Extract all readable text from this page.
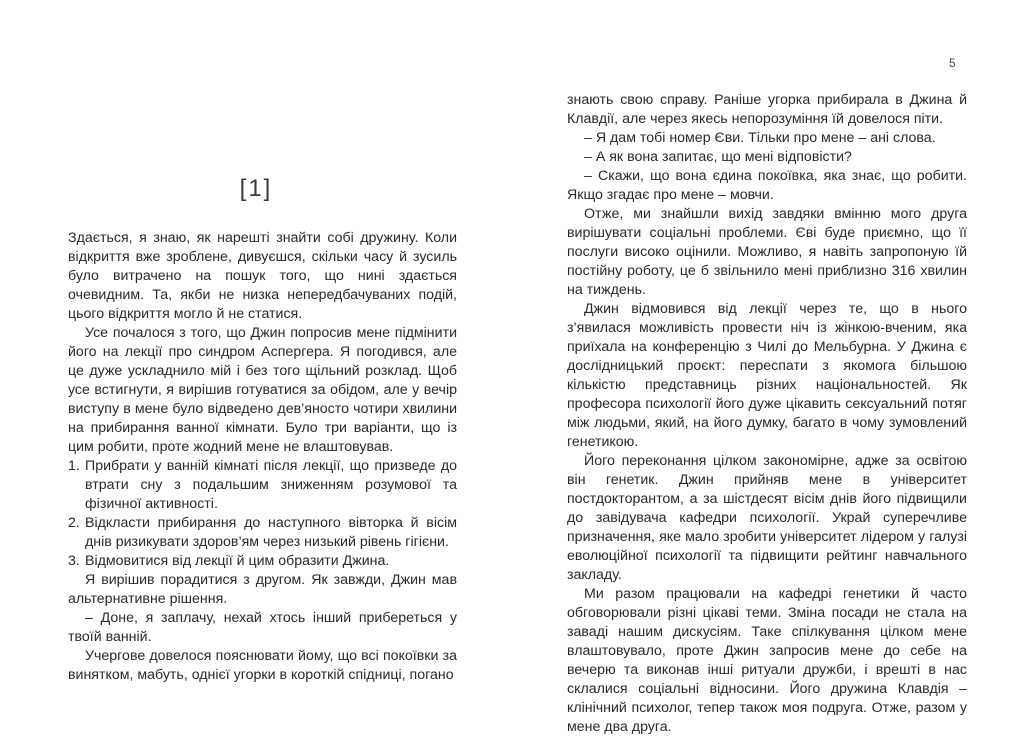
[1]

Здається, я знаю, як нарешті знайти собі дружину. Коли відкриття вже зроблене, дивуєшся, скільки часу й зусиль було витрачено на пошук того, що нині здається очевидним. Та, якби не низка непередбачуваних подій, цього відкриття могло й не статися.

Усе почалося з того, що Джин попросив мене підмінити його на лекції про синдром Аспергера. Я погодився, але це дуже ускладнило мій і без того щільний розклад. Щоб усе встигнути, я вирішив готуватися за обідом, але у вечір виступу в мене було відведено дев’яносто чотири хвилини на прибирання ванної кімнати. Було три варіанти, що із цим робити, проте жодний мене не влаштовував.

1. Прибрати у ванній кімнаті після лекції, що призведе до втрати сну з подальшим зниженням розумової та фізичної активності.
2. Відкласти прибирання до наступного вівторка й вісім днів ризикувати здоров’ям через низький рівень гігієни.
3. Відмовитися від лекції й цим образити Джина.

Я вирішив порадитися з другом. Як завжди, Джин мав альтернативне рішення.

– Доне, я заплачу, нехай хтось інший прибереться у твоїй ванній.

Учергове довелося пояснювати йому, що всі покоївки за винятком, мабуть, однієї угорки в короткій спідниці, погано

5

знають свою справу. Раніше угорка прибирала в Джина й Клавдії, але через якесь непорозуміння їй довелося піти.

– Я дам тобі номер Єви. Тільки про мене – ані слова.

– А як вона запитає, що мені відповісти?

– Скажи, що вона єдина покоївка, яка знає, що робити. Якщо згадає про мене – мовчи.

Отже, ми знайшли вихід завдяки вмінню мого друга вирішувати соціальні проблеми. Єві буде приємно, що її послуги високо оцінили. Можливо, я навіть запропоную їй постійну роботу, це б звільнило мені приблизно 316 хвилин на тиждень.

Джин відмовився від лекції через те, що в нього з’явилася можливість провести ніч із жінкою-вченим, яка приїхала на конференцію з Чилі до Мельбурна. У Джина є дослідницький проєкт: переспати з якомога більшою кількістю представниць різних національностей. Як професора психології його дуже цікавить сексуальний потяг між людьми, який, на його думку, багато в чому зумовлений генетикою.

Його переконання цілком закономірне, адже за освітою він генетик. Джин прийняв мене в університет постдокторантом, а за шістдесят вісім днів його підвищили до завідувача кафедри психології. Украй суперечливе призначення, яке мало зробити університет лідером у галузі еволюційної психології та підвищити рейтинг навчального закладу.

Ми разом працювали на кафедрі генетики й часто обговорювали різні цікаві теми. Зміна посади не стала на заваді нашим дискусіям. Таке спілкування цілком мене влаштовувало, проте Джин запросив мене до себе на вечерю та виконав інші ритуали дружби, і врешті в нас склалися соціальні відносини. Його дружина Клавдія – клінічний психолог, тепер також моя подруга. Отже, разом у мене два друга.
